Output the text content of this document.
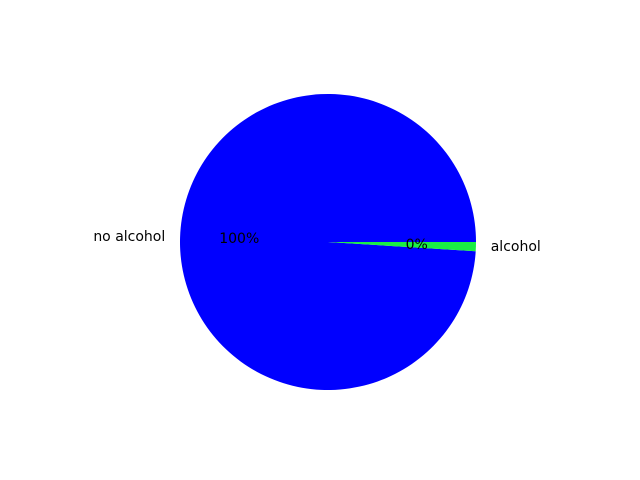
100%
no alcohol	0%	alcohol
